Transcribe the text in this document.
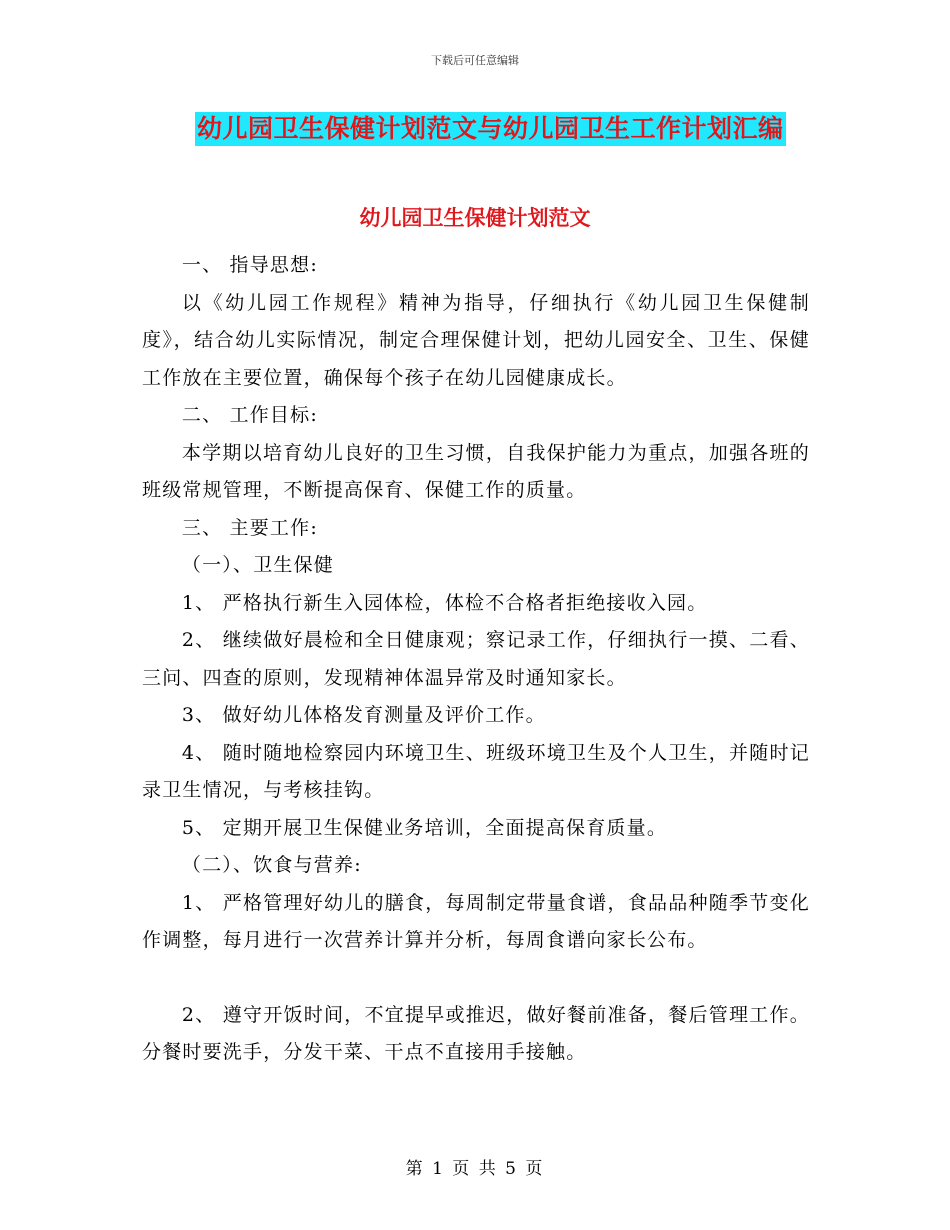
下载后可任意编辑
幼儿园卫生保健计划范文与幼儿园卫生工作计划汇编
幼儿园卫生保健计划范文

一、 指导思想:

以《幼儿园工作规程》精神为指导，仔细执行《幼儿园卫生保健制度》，结合幼儿实际情况，制定合理保健计划，把幼儿园安全、卫生、保健工作放在主要位置，确保每个孩子在幼儿园健康成长。

二、 工作目标:

本学期以培育幼儿良好的卫生习惯，自我保护能力为重点，加强各班的班级常规管理，不断提高保育、保健工作的质量。

三、 主要工作:

（一）、卫生保健

1、 严格执行新生入园体检，体检不合格者拒绝接收入园。

2、 继续做好晨检和全日健康观；察记录工作，仔细执行一摸、二看、三问、四查的原则，发现精神体温异常及时通知家长。

3、 做好幼儿体格发育测量及评价工作。

4、 随时随地检察园内环境卫生、班级环境卫生及个人卫生，并随时记录卫生情况，与考核挂钩。

5、 定期开展卫生保健业务培训，全面提高保育质量。

（二）、饮食与营养:

1、 严格管理好幼儿的膳食，每周制定带量食谱，食品品种随季节变化作调整，每月进行一次营养计算并分析，每周食谱向家长公布。

2、 遵守开饭时间，不宜提早或推迟，做好餐前准备，餐后管理工作。分餐时要洗手，分发干菜、干点不直接用手接触。

第 1 页 共 5 页
